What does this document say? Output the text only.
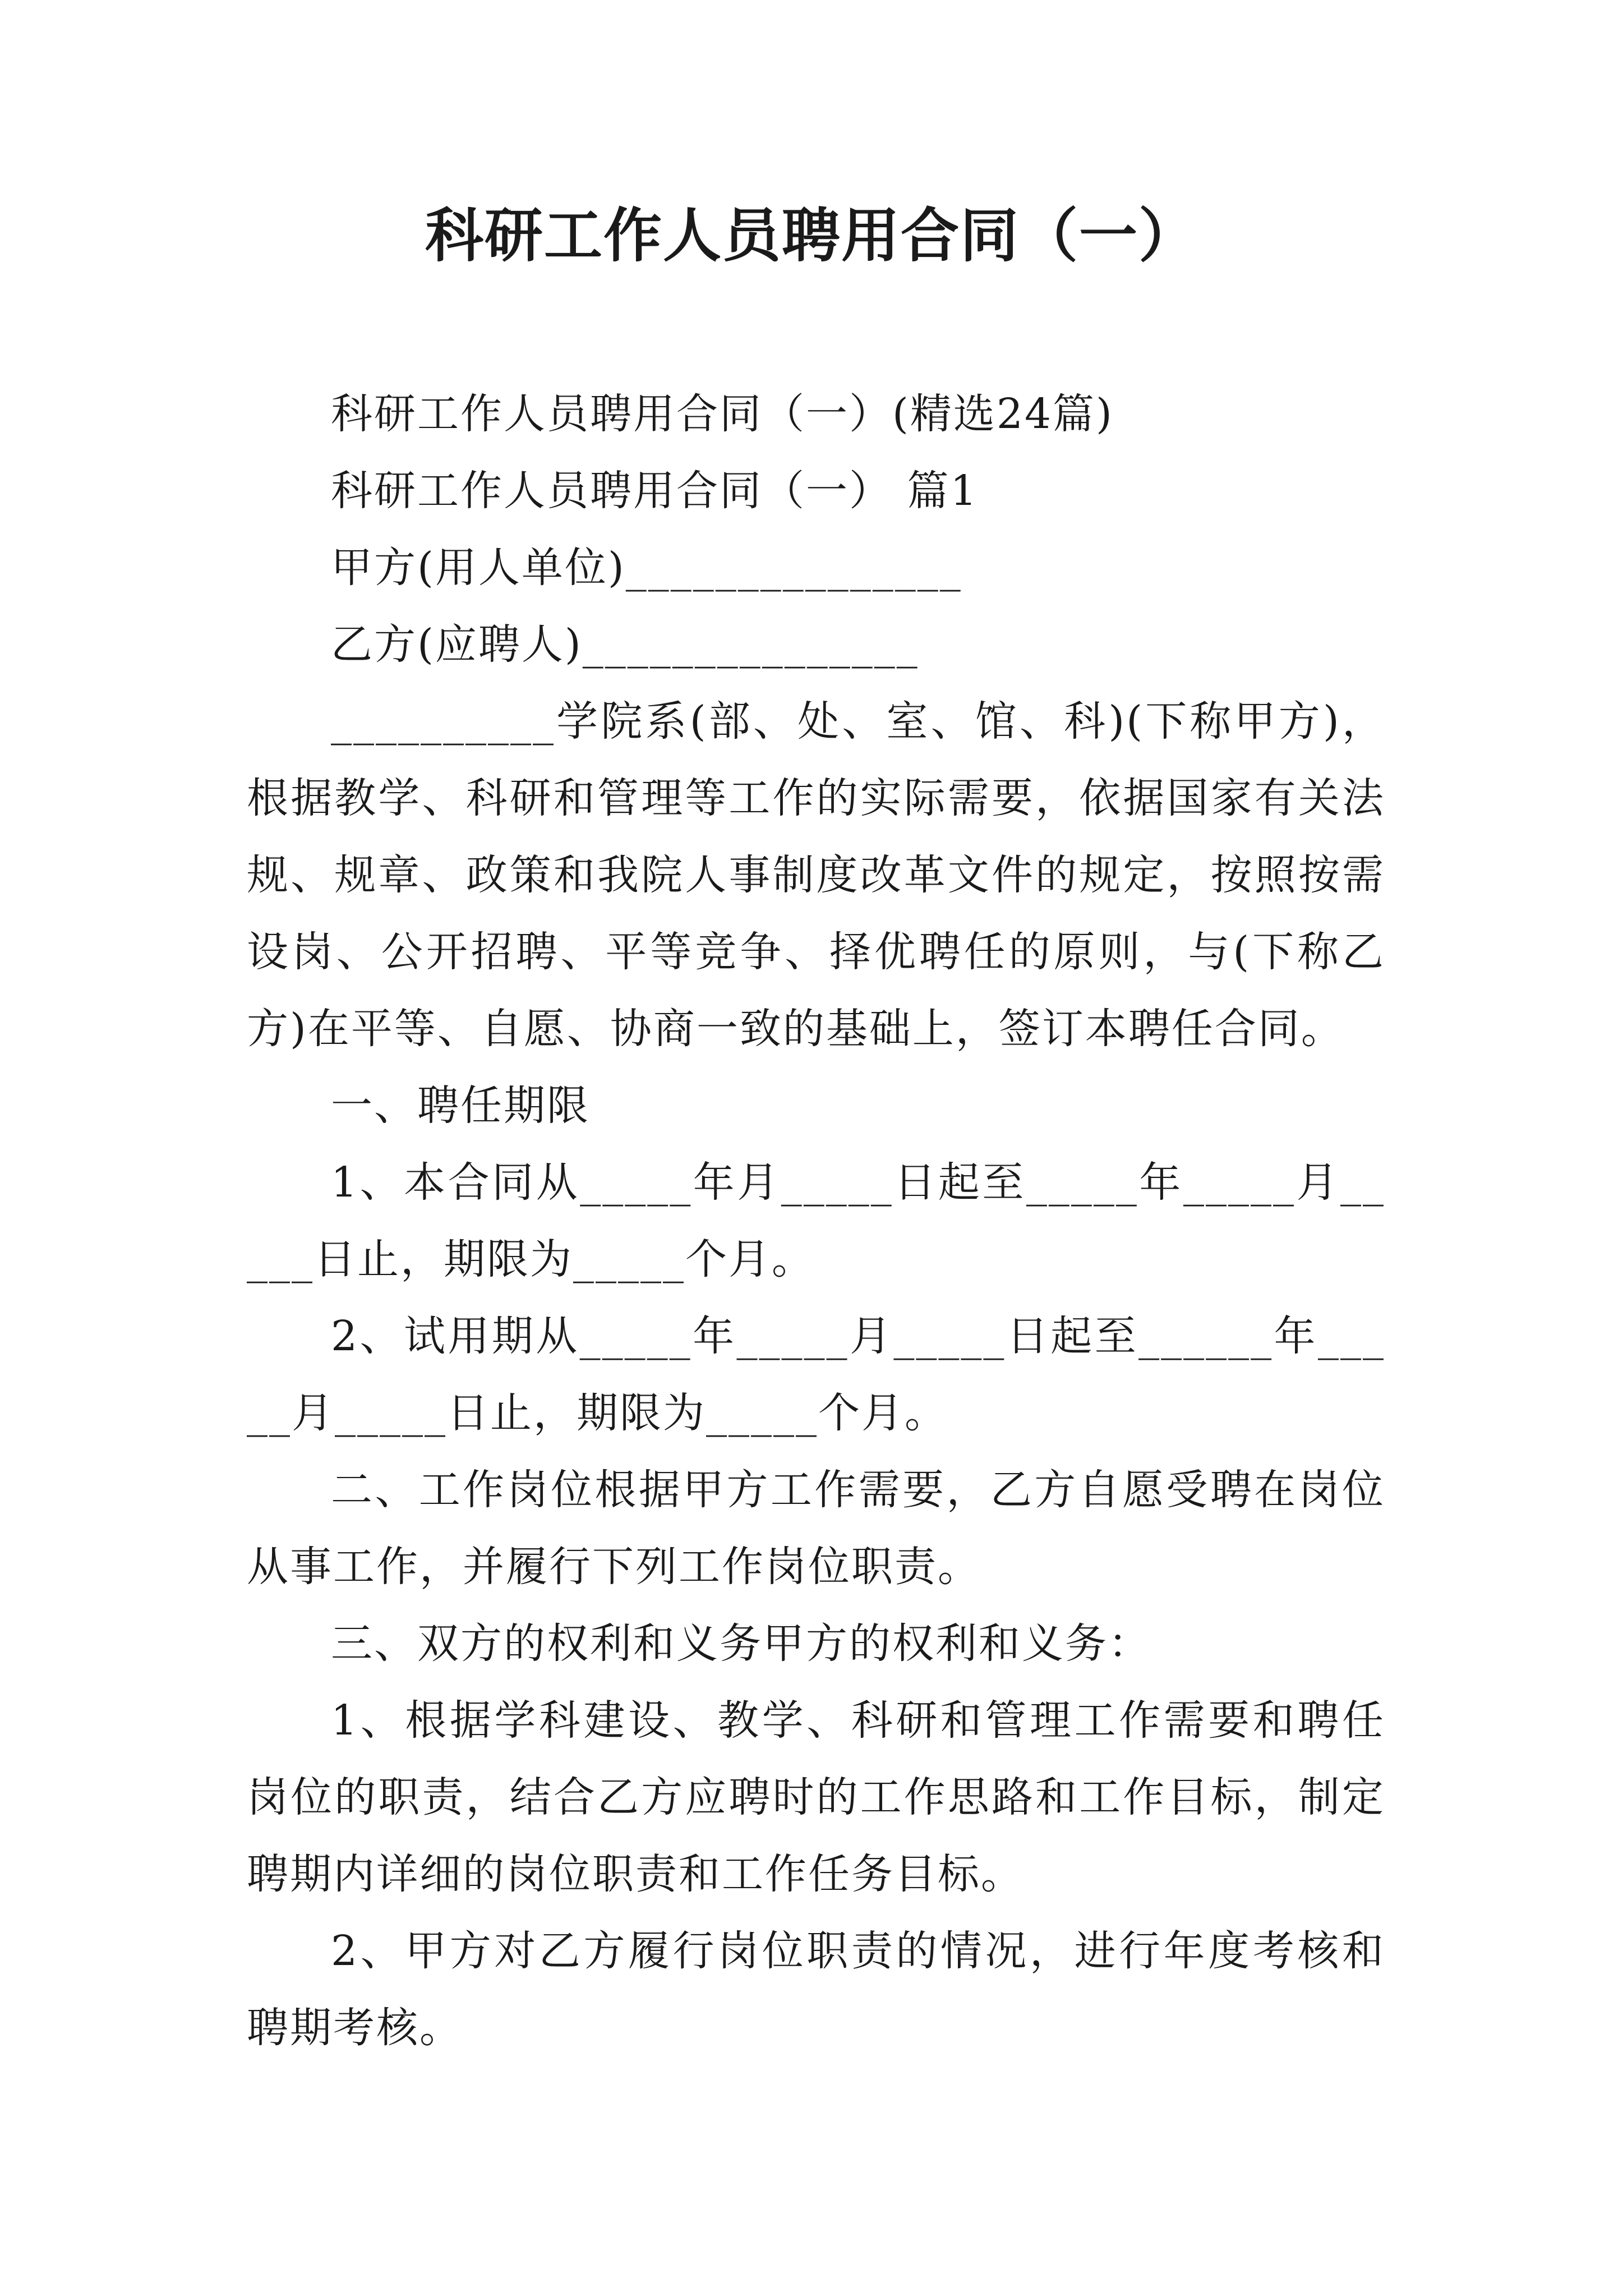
科研工作人员聘用合同（一）

科研工作人员聘用合同（一）(精选24篇)

科研工作人员聘用合同（一） 篇1

甲方(用人单位)_______________

乙方(应聘人)_______________

__________学院系(部、处、室、馆、科)(下称甲方)，根据教学、科研和管理等工作的实际需要，依据国家有关法规、规章、政策和我院人事制度改革文件的规定，按照按需设岗、公开招聘、平等竞争、择优聘任的原则，与(下称乙方)在平等、自愿、协商一致的基础上，签订本聘任合同。

一、聘任期限

1、本合同从_____年月_____日起至_____年_____月_____日止，期限为_____个月。

2、试用期从_____年_____月_____日起至______年_____月_____日止，期限为_____个月。

二、工作岗位根据甲方工作需要，乙方自愿受聘在岗位从事工作，并履行下列工作岗位职责。

三、双方的权利和义务甲方的权利和义务：

1、根据学科建设、教学、科研和管理工作需要和聘任岗位的职责，结合乙方应聘时的工作思路和工作目标，制定聘期内详细的岗位职责和工作任务目标。

2、甲方对乙方履行岗位职责的情况，进行年度考核和聘期考核。
